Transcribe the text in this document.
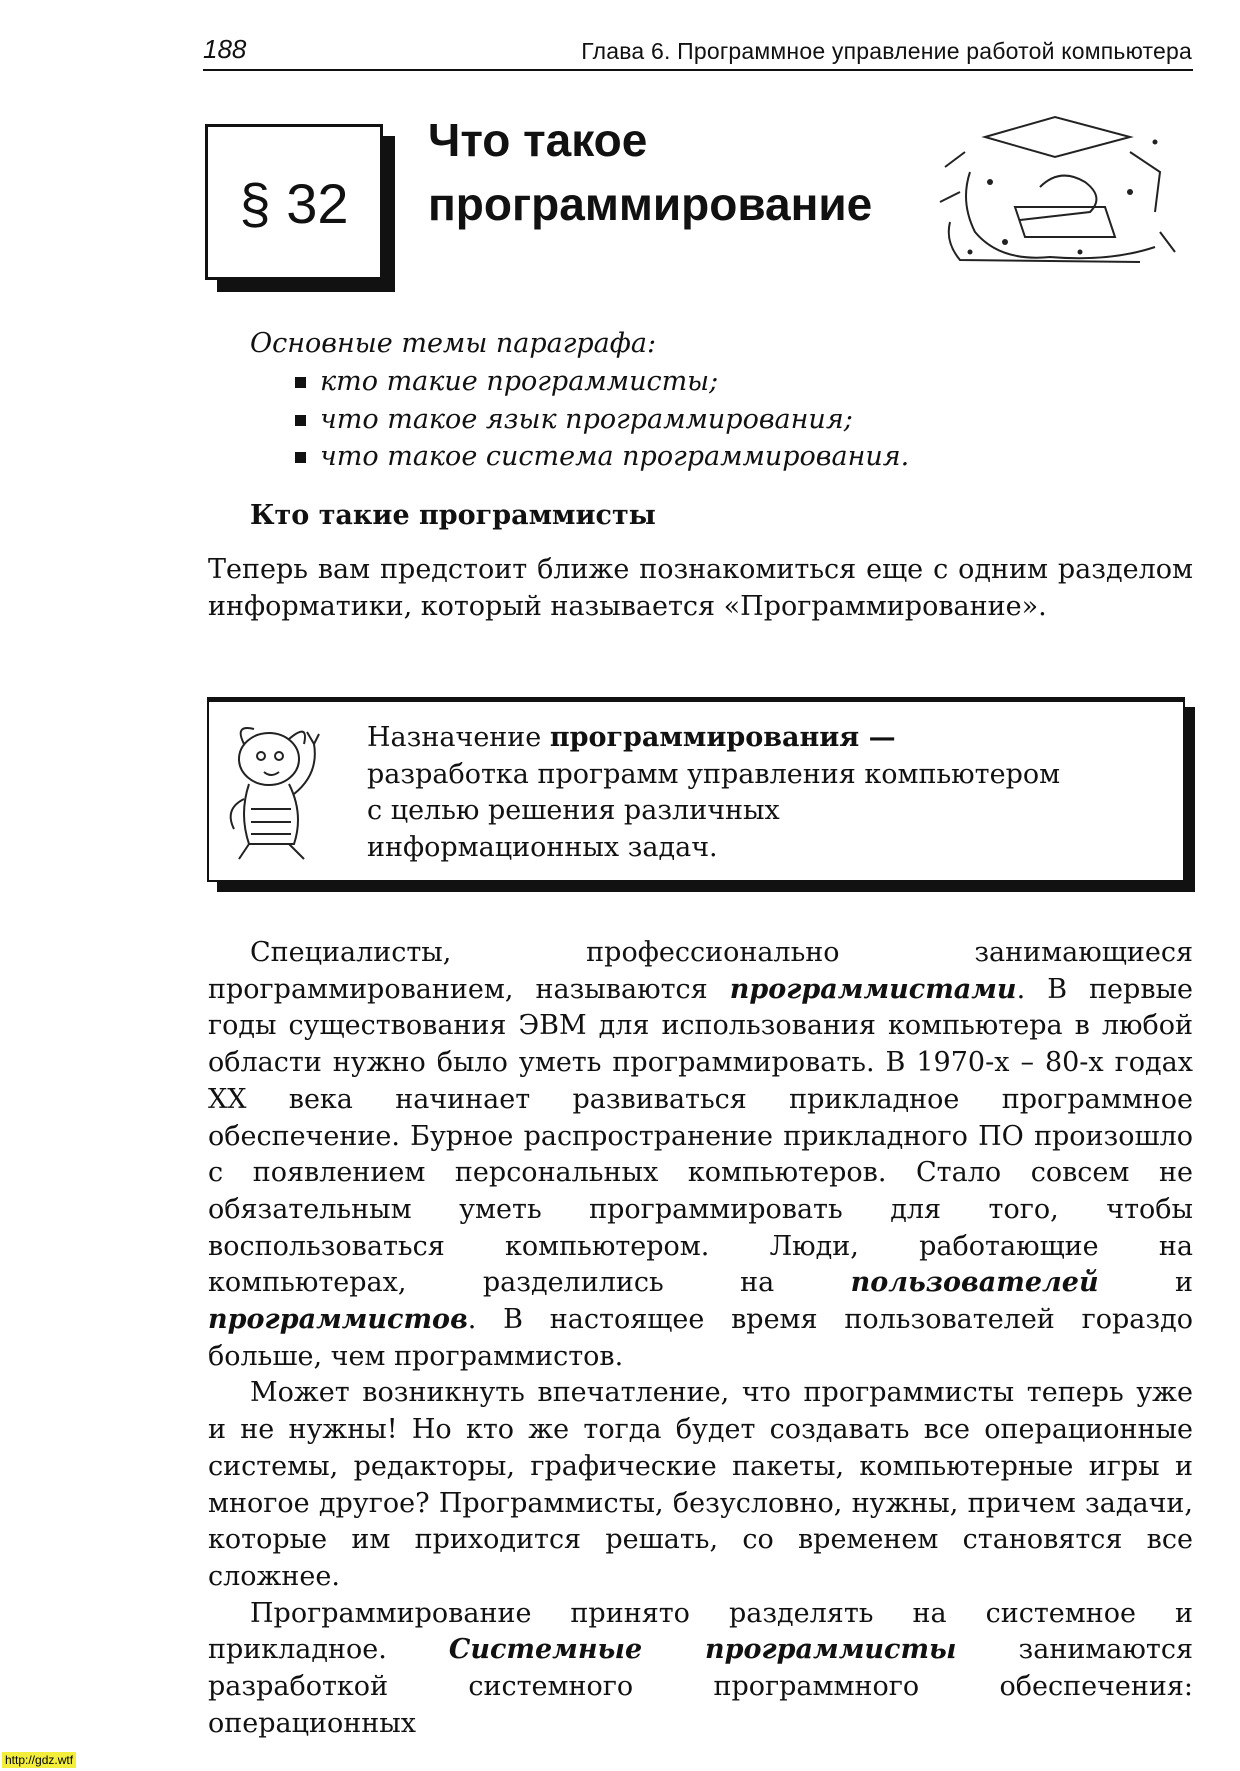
188	Глава 6. Программное управление работой компьютера
§ 32
Что такое
программирование
Основные темы параграфа:
кто такие программисты;
что такое язык программирования;
что такое система программирования.
Кто такие программисты

Теперь вам предстоит ближе познакомиться еще с одним разделом информатики, который называется «Программирование».

Назначение программирования —
разработка программ управления компьютером
с целью решения различных
информационных задач.

Специалисты, профессионально занимающиеся программированием, называются программистами. В первые годы существования ЭВМ для использования компьютера в любой области нужно было уметь программировать. В 1970-х – 80-х годах XX века начинает развиваться прикладное программное обеспечение. Бурное распространение прикладного ПО произошло с появлением персональных компьютеров. Стало совсем не обязательным уметь программировать для того, чтобы воспользоваться компьютером. Люди, работающие на компьютерах, разделились на пользователей и программистов. В настоящее время пользователей гораздо больше, чем программистов.

Может возникнуть впечатление, что программисты теперь уже и не нужны! Но кто же тогда будет создавать все операционные системы, редакторы, графические пакеты, компьютерные игры и многое другое? Программисты, безусловно, нужны, причем задачи, которые им приходится решать, со временем становятся все сложнее.

Программирование принято разделять на системное и прикладное. Системные программисты занимаются разработкой системного программного обеспечения: операционных

http://gdz.wtf
